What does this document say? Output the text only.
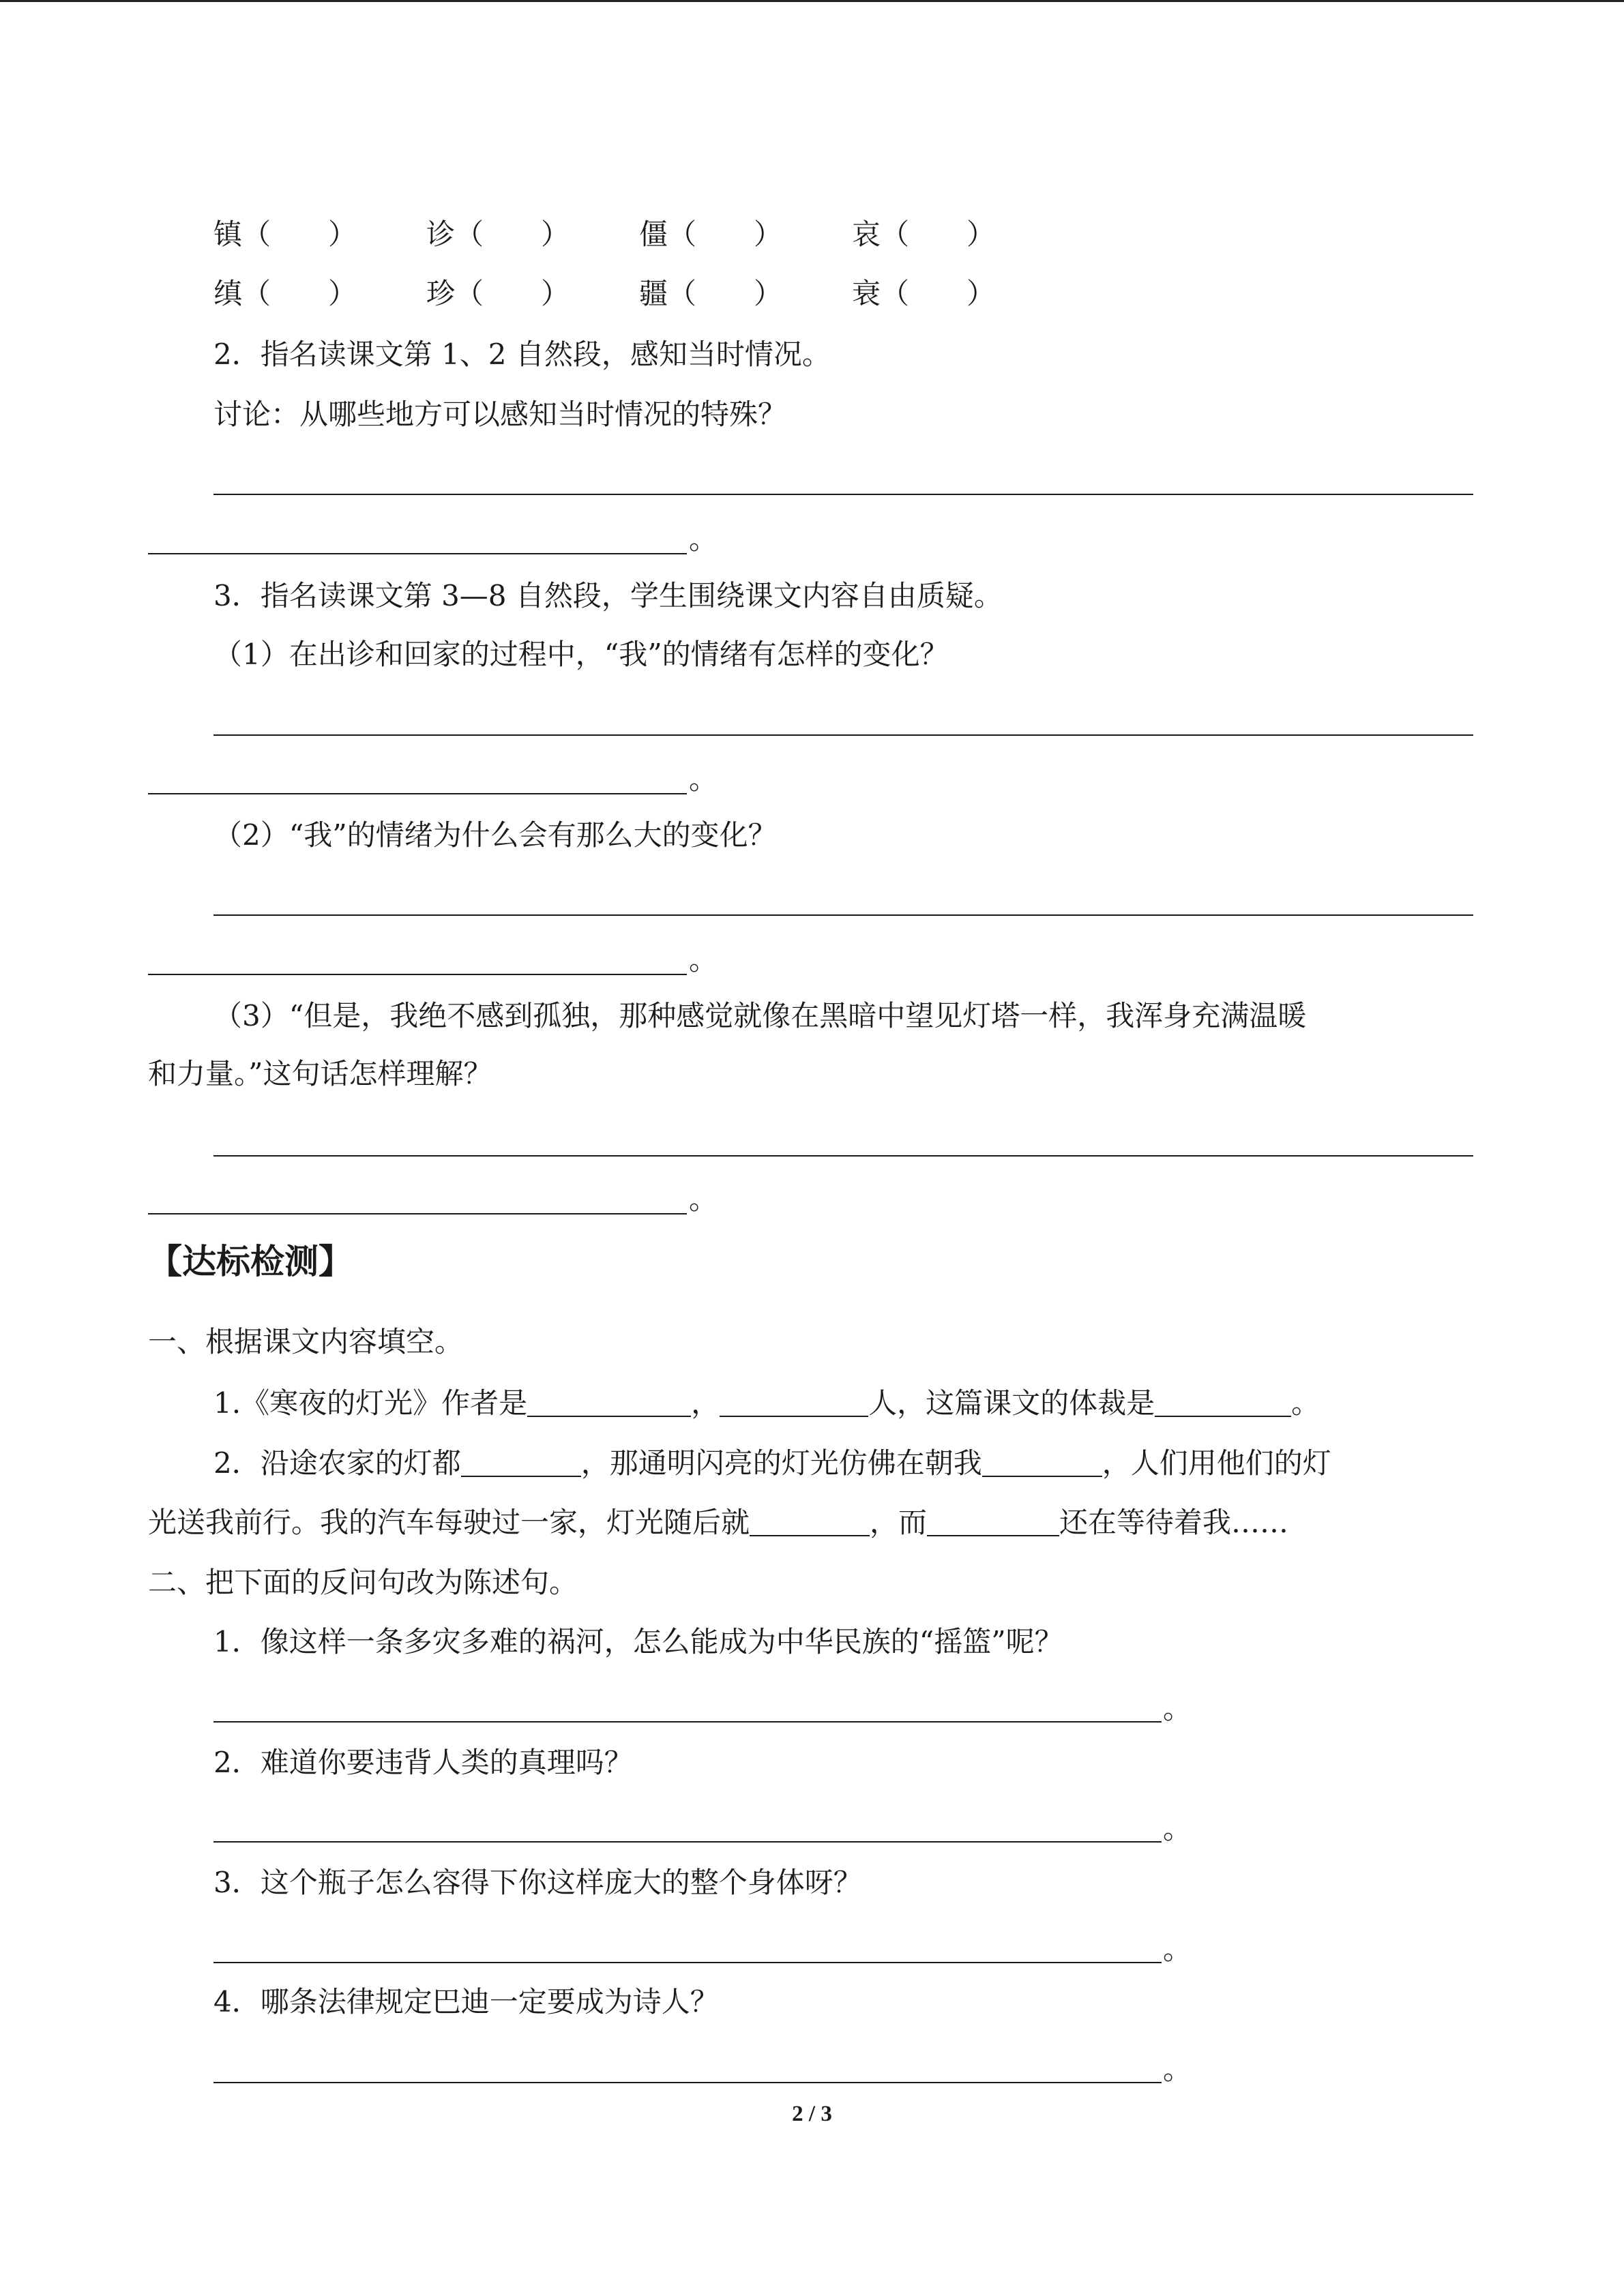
镇（　　） 诊（　　） 僵（　　） 哀（　　）
缜（　　） 珍（　　） 疆（　　） 衰（　　）
2．指名读课文第 1、2 自然段，感知当时情况。
讨论：从哪些地方可以感知当时情况的特殊？
。
3．指名读课文第 3—8 自然段，学生围绕课文内容自由质疑。
（1）在出诊和回家的过程中，“我”的情绪有怎样的变化？
。
（2）“我”的情绪为什么会有那么大的变化？
。
（3）“但是，我绝不感到孤独，那种感觉就像在黑暗中望见灯塔一样，我浑身充满温暖
和力量。”这句话怎样理解？
。
【达标检测】
一、根据课文内容填空。
1.《寒夜的灯光》作者是	，	人，这篇课文的体裁是	。
2．沿途农家的灯都	，那通明闪亮的灯光仿佛在朝我	，人们用他们的灯
光送我前行。我的汽车每驶过一家，灯光随后就	，而	还在等待着我……
二、把下面的反问句改为陈述句。
1．像这样一条多灾多难的祸河，怎么能成为中华民族的“摇篮”呢？
。
2．难道你要违背人类的真理吗？
。
3．这个瓶子怎么容得下你这样庞大的整个身体呀？
。
4．哪条法律规定巴迪一定要成为诗人？
。
2 / 3
